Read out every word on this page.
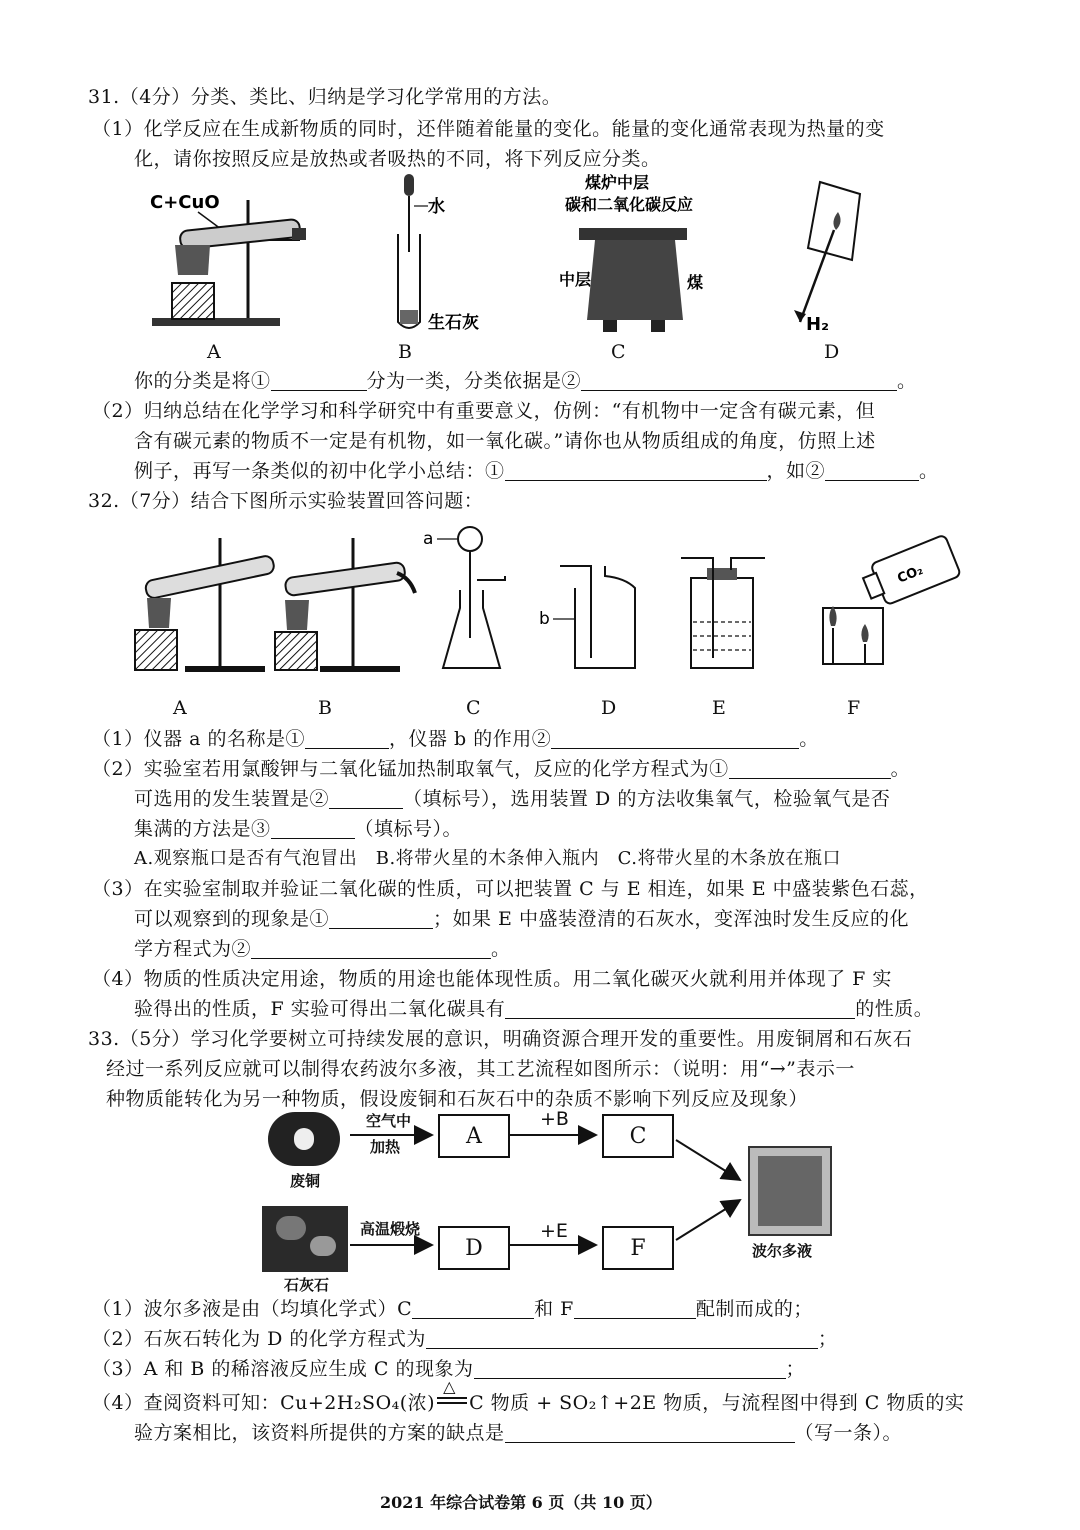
31.（4分）分类、类比、归纳是学习化学常用的方法。
（1）化学反应在生成新物质的同时，还伴随着能量的变化。能量的变化通常表现为热量的变
化，请你按照反应是放热或者吸热的不同，将下列反应分类。
C+CuO	水
生石灰
煤炉中层
碳和二氧化碳反应
中层	煤
H₂
A	B	C	D
你的分类是将①	分为一类，分类依据是②	。
（2）归纳总结在化学学习和科学研究中有重要意义，仿例：“有机物中一定含有碳元素，但
含有碳元素的物质不一定是有机物，如一氧化碳。”请你也从物质组成的角度，仿照上述
例子，再写一条类似的初中化学小总结：①	，如②	。
32.（7分）结合下图所示实验装置回答问题：
a
b
CO₂
A	B	C	D	E	F
（1）仪器 a 的名称是①	，仪器 b 的作用②	。
（2）实验室若用氯酸钾与二氧化锰加热制取氧气，反应的化学方程式为①	。
可选用的发生装置是②	（填标号），选用装置 D 的方法收集氧气，检验氧气是否
集满的方法是③	（填标号）。
A.观察瓶口是否有气泡冒出　B.将带火星的木条伸入瓶内　C.将带火星的木条放在瓶口
（3）在实验室制取并验证二氧化碳的性质，可以把装置 C 与 E 相连，如果 E 中盛装紫色石蕊，
可以观察到的现象是①	；如果 E 中盛装澄清的石灰水，变浑浊时发生反应的化
学方程式为②	。
（4）物质的性质决定用途，物质的用途也能体现性质。用二氧化碳灭火就利用并体现了 F 实
验得出的性质，F 实验可得出二氧化碳具有	的性质。
33.（5分）学习化学要树立可持续发展的意识，明确资源合理开发的重要性。用废铜屑和石灰石
经过一系列反应就可以制得农药波尔多液，其工艺流程如图所示：（说明：用“→”表示一
种物质能转化为另一种物质，假设废铜和石灰石中的杂质不影响下列反应及现象）
废铜
空气中
加热	A
+B
C
石灰石
高温煅烧
D
+E
F	波尔多液
（1）波尔多液是由（均填化学式）C	和 F	配制而成的；
（2）石灰石转化为 D 的化学方程式为	；
（3）A 和 B 的稀溶液反应生成 C 的现象为	；
（4）查阅资料可知：Cu+2H₂SO₄(浓)
△
C 物质 + SO₂↑+2E 物质，与流程图中得到 C 物质的实
验方案相比，该资料所提供的方案的缺点是	（写一条）。
2021 年综合试卷第 6 页（共 10 页）
